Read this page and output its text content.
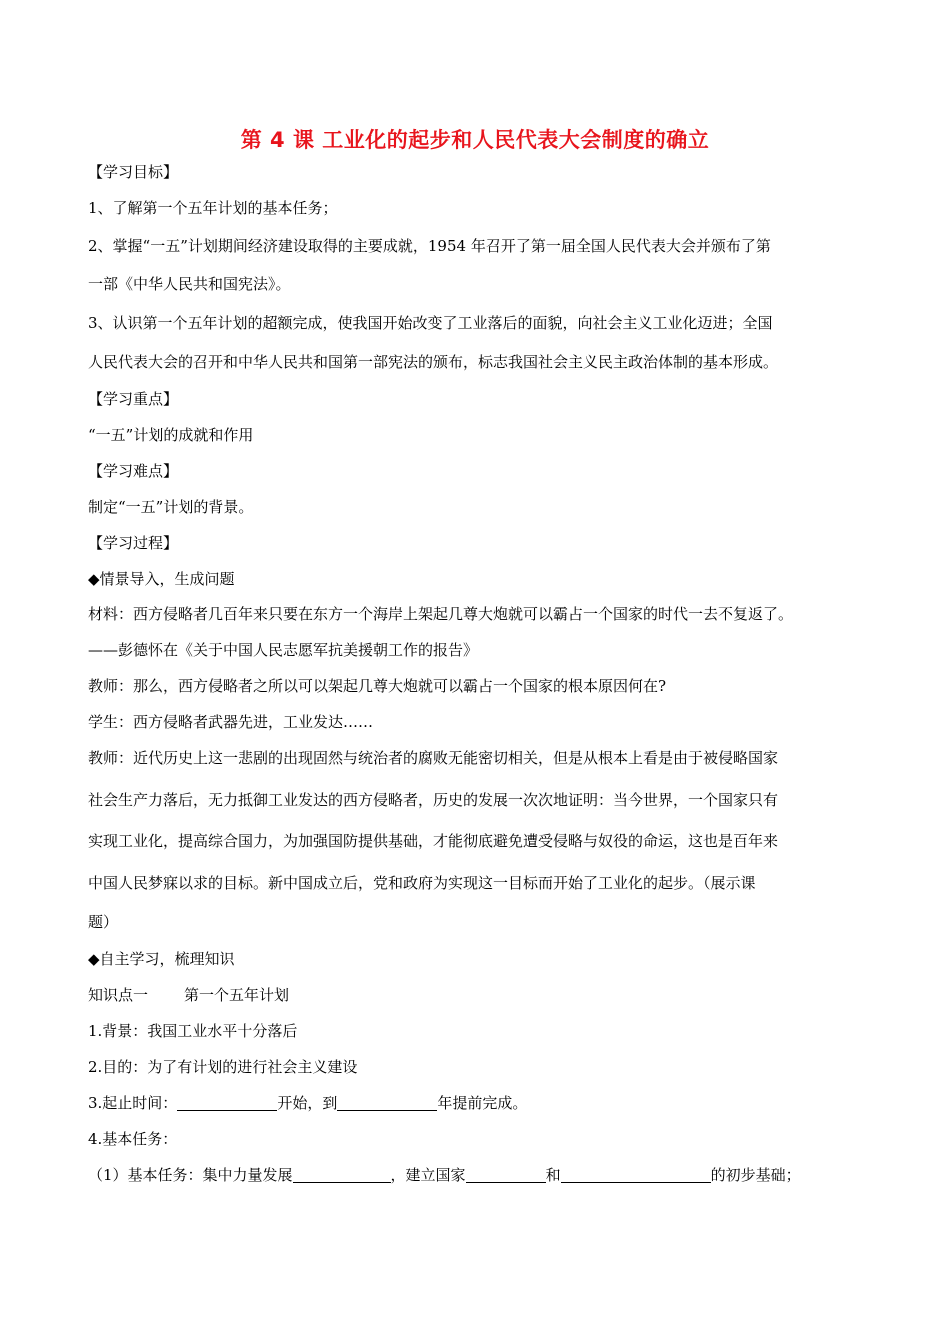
第 4 课 工业化的起步和人民代表大会制度的确立
【学习目标】
1、了解第一个五年计划的基本任务；
2、掌握“一五”计划期间经济建设取得的主要成就，1954 年召开了第一届全国人民代表大会并颁布了第
一部《中华人民共和国宪法》。
3、认识第一个五年计划的超额完成，使我国开始改变了工业落后的面貌，向社会主义工业化迈进；全国
人民代表大会的召开和中华人民共和国第一部宪法的颁布，标志我国社会主义民主政治体制的基本形成。
【学习重点】
“一五”计划的成就和作用
【学习难点】
制定“一五”计划的背景。
【学习过程】
◆情景导入，生成问题
材料：西方侵略者几百年来只要在东方一个海岸上架起几尊大炮就可以霸占一个国家的时代一去不复返了。
——彭德怀在《关于中国人民志愿军抗美援朝工作的报告》
教师：那么，西方侵略者之所以可以架起几尊大炮就可以霸占一个国家的根本原因何在?
学生：西方侵略者武器先进，工业发达……
教师：近代历史上这一悲剧的出现固然与统治者的腐败无能密切相关，但是从根本上看是由于被侵略国家
社会生产力落后，无力抵御工业发达的西方侵略者，历史的发展一次次地证明：当今世界，一个国家只有
实现工业化，提高综合国力，为加强国防提供基础，才能彻底避免遭受侵略与奴役的命运，这也是百年来
中国人民梦寐以求的目标。新中国成立后，党和政府为实现这一目标而开始了工业化的起步。（展示课
题）
◆自主学习，梳理知识
知识点一 第一个五年计划
1.背景：我国工业水平十分落后
2.目的：为了有计划的进行社会主义建设
3.起止时间：	开始，到	年提前完成。
4.基本任务：
（1）基本任务：集中力量发展	，建立国家	和	的初步基础；
